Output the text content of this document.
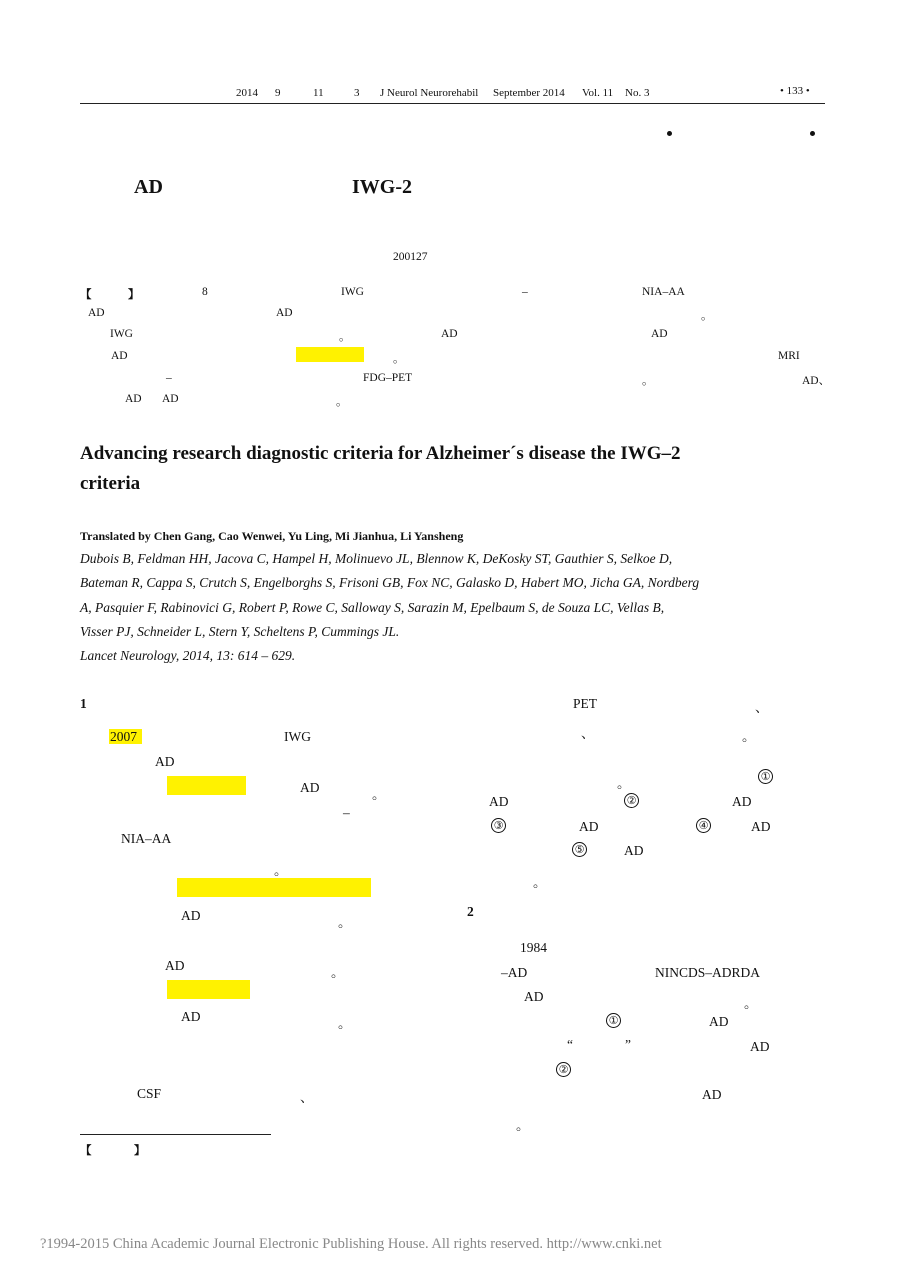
2014 9	11	3 J Neurol Neurorehabil September 2014 Vol. 11 No. 3	• 133 •
AD	IWG-2
200127
【	】	8	IWG	–	NIA–AA
AD	AD	。
IWG	。	AD	AD
AD	。	MRI
–	FDG–PET	。	AD、
AD AD	。
Advancing research diagnostic criteria for Alzheimer´s disease the IWG–2
criteria
Translated by Chen Gang, Cao Wenwei, Yu Ling, Mi Jianhua, Li Yansheng
Dubois B, Feldman HH, Jacova C, Hampel H, Molinuevo JL, Blennow K, DeKosky ST, Gauthier S, Selkoe D,
Bateman R, Cappa S, Crutch S, Engelborghs S, Frisoni GB, Fox NC, Galasko D, Habert MO, Jicha GA, Nordberg
A, Pasquier F, Rabinovici G, Robert P, Rowe C, Salloway S, Sarazin M, Epelbaum S, de Souza LC, Vellas B,
Visser PJ, Schneider L, Stern Y, Scheltens P, Cummings JL.
Lancet Neurology, 2014, 13: 614 – 629.
1
2007	IWG
AD
AD	。
–
NIA–AA
。
AD	。
AD	。
AD	。
CSF	、
【	】
PET	、
、	。
。	①
AD	②	AD
③	AD	④	AD
⑤	AD
。
2
1984
–AD	NINCDS–ADRDA
AD	。
①	AD
“	”	AD
②
AD
。
?1994-2015 China Academic Journal Electronic Publishing House. All rights reserved. http://www.cnki.net
